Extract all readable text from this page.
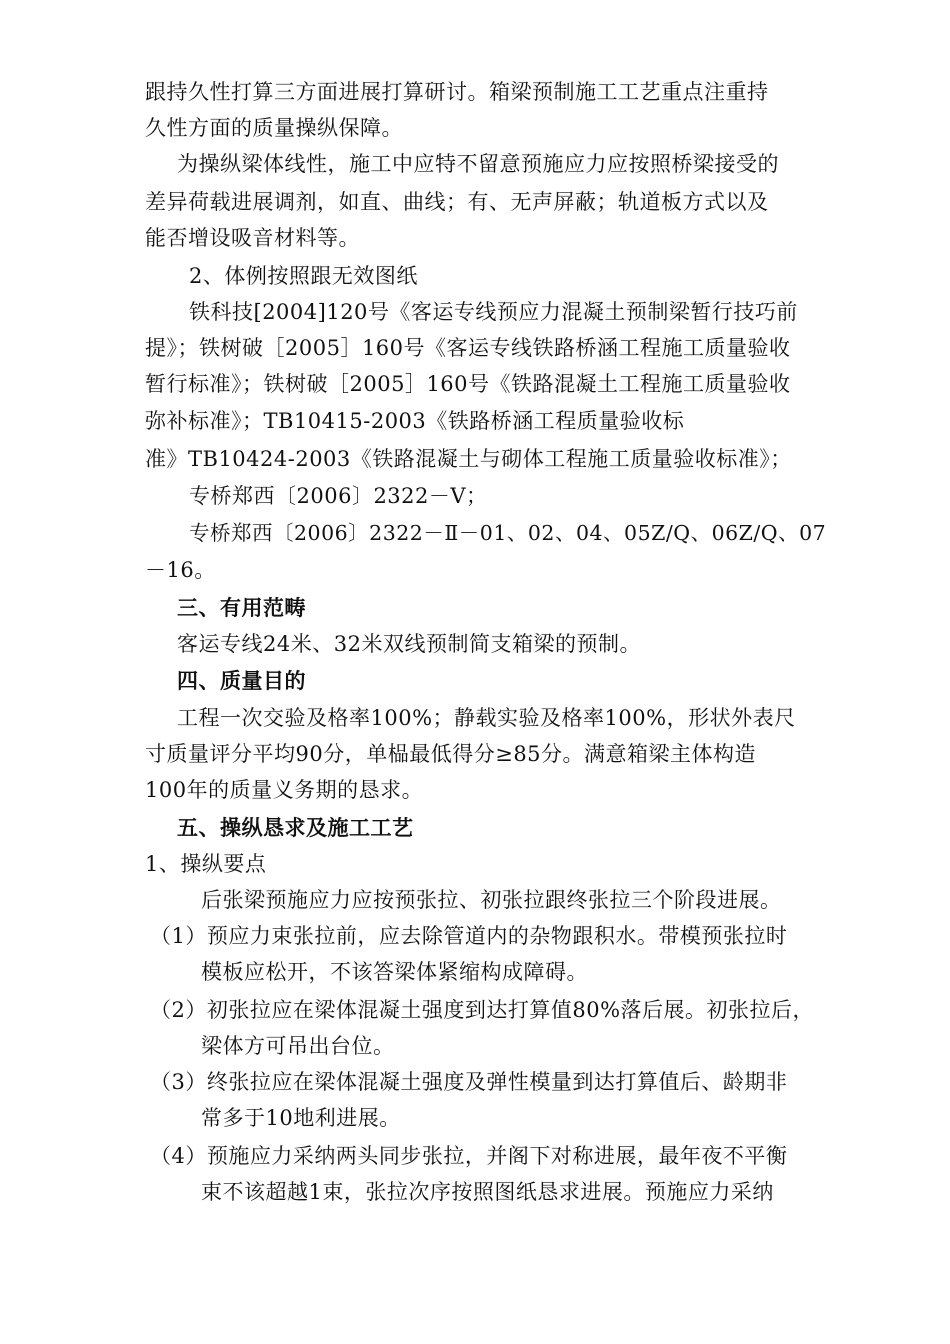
跟持久性打算三方面进展打算研讨。箱梁预制施工工艺重点注重持
久性方面的质量操纵保障。
为操纵梁体线性，施工中应特不留意预施应力应按照桥梁接受的
差异荷载进展调剂，如直、曲线；有、无声屏蔽；轨道板方式以及
能否增设吸音材料等。
2、体例按照跟无效图纸
铁科技[2004]120号《客运专线预应力混凝土预制梁暂行技巧前
提》；铁树破［2005］160号《客运专线铁路桥涵工程施工质量验收
暂行标准》；铁树破［2005］160号《铁路混凝土工程施工质量验收
弥补标准》；TB10415-2003《铁路桥涵工程质量验收标
准》TB10424-2003《铁路混凝土与砌体工程施工质量验收标准》；
专桥郑西〔2006〕2322－Ⅴ；
专桥郑西〔2006〕2322－Ⅱ－01、02、04、05Z/Q、06Z/Q、07
－16。
三、有用范畴
客运专线24米、32米双线预制简支箱梁的预制。
四、质量目的
工程一次交验及格率100%；静载实验及格率100%，形状外表尺
寸质量评分平均90分，单榀最低得分≥85分。满意箱梁主体构造
100年的质量义务期的恳求。
五、操纵恳求及施工工艺
1、操纵要点
后张梁预施应力应按预张拉、初张拉跟终张拉三个阶段进展。
（1）预应力束张拉前，应去除管道内的杂物跟积水。带模预张拉时
模板应松开，不该答梁体紧缩构成障碍。
（2）初张拉应在梁体混凝土强度到达打算值80%落后展。初张拉后，
梁体方可吊出台位。
（3）终张拉应在梁体混凝土强度及弹性模量到达打算值后、龄期非
常多于10地利进展。
（4）预施应力采纳两头同步张拉，并阁下对称进展，最年夜不平衡
束不该超越1束，张拉次序按照图纸恳求进展。预施应力采纳
